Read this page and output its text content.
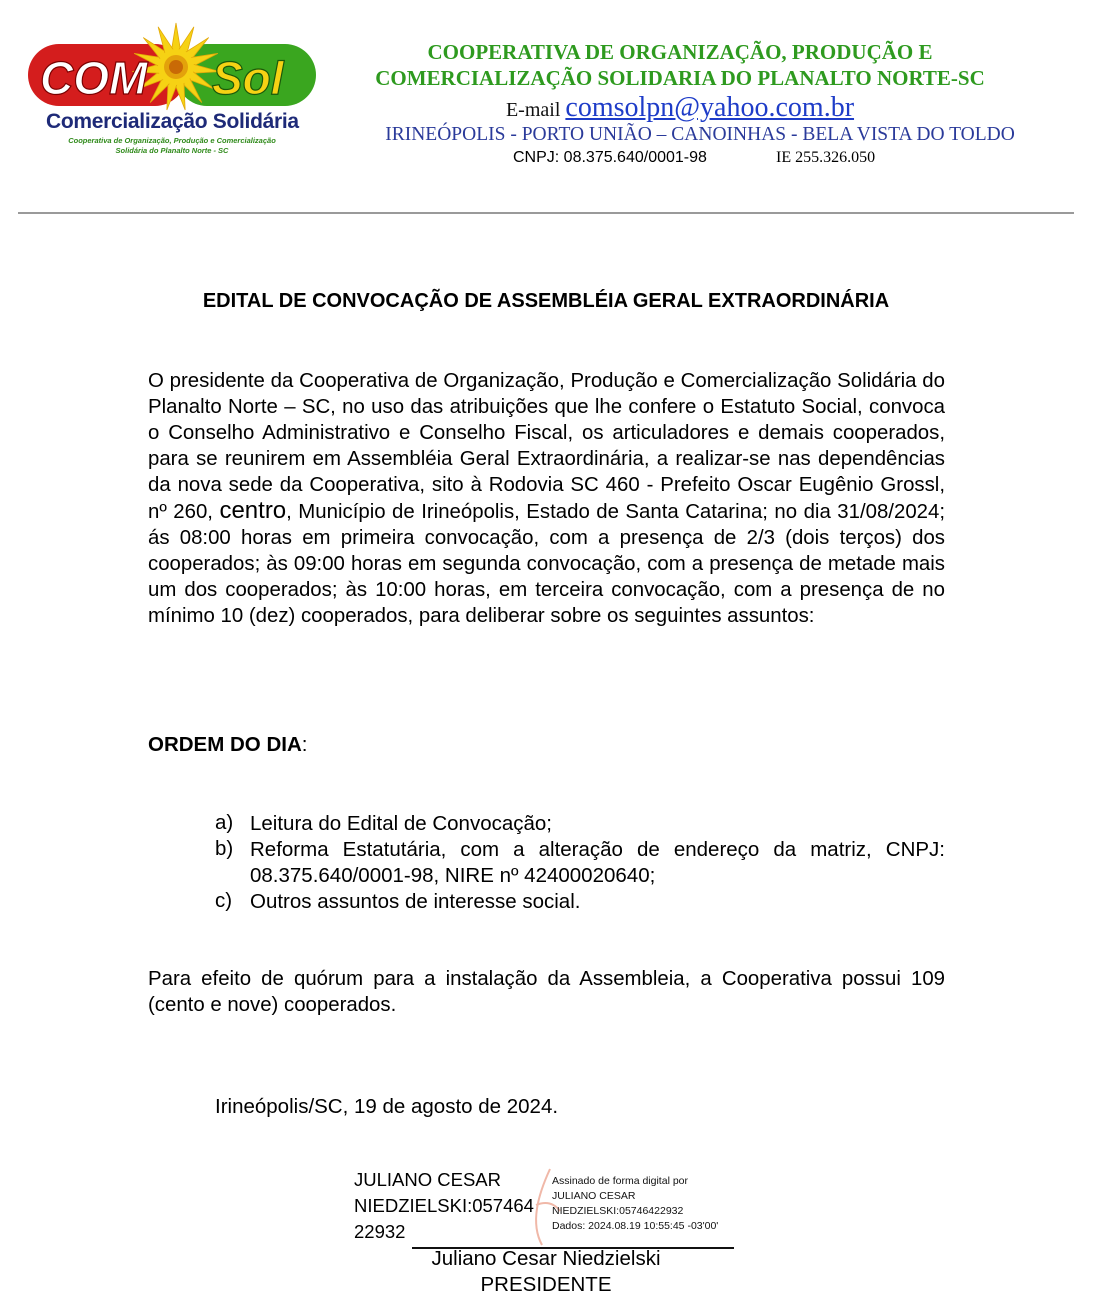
COM Sol
Comercialização Solidária
Cooperativa de Organização, Produção e Comercialização
Solidária do Planalto Norte - SC
COOPERATIVA DE ORGANIZAÇÃO, PRODUÇÃO E
COMERCIALIZAÇÃO SOLIDARIA DO PLANALTO NORTE-SC
E-mail comsolpn@yahoo.com.br
IRINEÓPOLIS - PORTO UNIÃO – CANOINHAS - BELA VISTA DO TOLDO
CNPJ: 08.375.640/0001-98	IE 255.326.050
EDITAL DE CONVOCAÇÃO DE ASSEMBLÉIA GERAL EXTRAORDINÁRIA
O presidente da Cooperativa de Organização, Produção e Comercialização Solidária do Planalto Norte – SC, no uso das atribuições que lhe confere o Estatuto Social, convoca o Conselho Administrativo e Conselho Fiscal, os articuladores e demais cooperados, para se reunirem em Assembléia Geral Extraordinária, a realizar-se nas dependências da nova sede da Cooperativa, sito à Rodovia SC 460 - Prefeito Oscar Eugênio Grossl, nº 260, centro, Município de Irineópolis, Estado de Santa Catarina; no dia 31/08/2024; ás 08:00 horas em primeira convocação, com a presença de 2/3 (dois terços) dos cooperados; às 09:00 horas em segunda convocação, com a presença de metade mais um dos cooperados; às 10:00 horas, em terceira convocação, com a presença de no mínimo 10 (dez) cooperados, para deliberar sobre os seguintes assuntos:
ORDEM DO DIA:
a) Leitura do Edital de Convocação;
b) Reforma Estatutária, com a alteração de endereço da matriz, CNPJ: 08.375.640/0001-98, NIRE nº 42400020640;
c) Outros assuntos de interesse social.
Para efeito de quórum para a instalação da Assembleia, a Cooperativa possui 109 (cento e nove) cooperados.
Irineópolis/SC, 19 de agosto de 2024.
JULIANO CESAR
NIEDZIELSKI:057464
22932
Assinado de forma digital por
JULIANO CESAR
NIEDZIELSKI:05746422932
Dados: 2024.08.19 10:55:45 -03'00'
Juliano Cesar Niedzielski
PRESIDENTE
